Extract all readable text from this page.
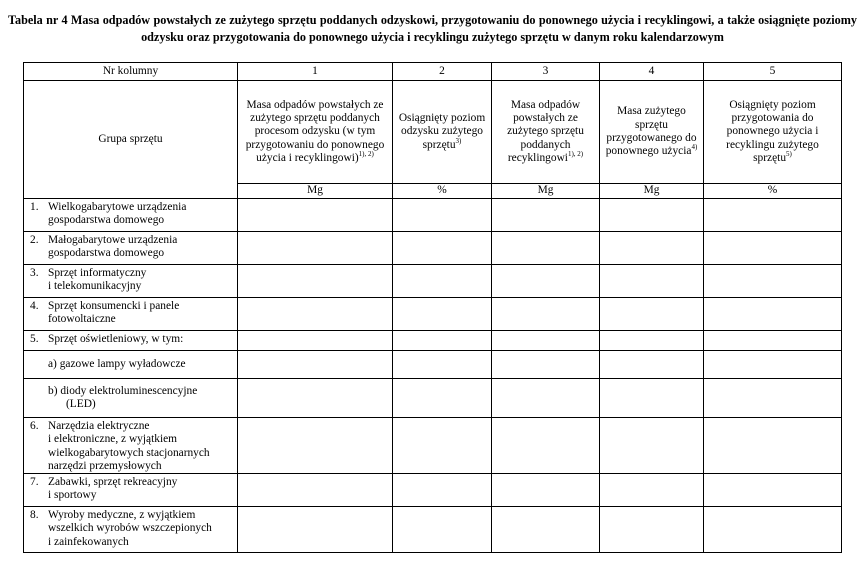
Tabela nr 4 Masa odpadów powstałych ze zużytego sprzętu poddanych odzyskowi, przygotowaniu do ponownego użycia i recyklingowi, a także osiągnięte poziomy odzysku oraz przygotowania do ponownego użycia i recyklingu zużytego sprzętu w danym roku kalendarzowym

Nr kolumny	1	2	3	4	5
Grupa sprzętu	Masa odpadów powstałych ze zużytego sprzętu poddanych procesom odzysku (w tym przygotowaniu do ponownego użycia i recyklingowi)$^{1), 2)}$	Osiągnięty poziom odzysku zużytego sprzętu$^{3)}$	Masa odpadów powstałych ze zużytego sprzętu poddanych recyklingowi$^{1), 2)}$	Masa zużytego sprzętu przygotowanego do ponownego użycia$^{4)}$	Osiągnięty poziom przygotowania do ponownego użycia i recyklingu zużytego sprzętu$^{5)}$

	Mg	%	Mg	Mg	%
1. Wielkogabarytowe urządzenia
gospodarstwa domowego					
2. Małogabarytowe urządzenia
gospodarstwa domowego					
3. Sprzęt informatyczny
i telekomunikacyjny					
4. Sprzęt konsumencki i panele
fotowoltaiczne					
5. Sprzęt oświetleniowy, w tym:					
a) gazowe lampy wyładowcze					
b) diody elektroluminescencyjne
(LED)					
6. Narzędzia elektryczne
i elektroniczne, z wyjątkiem
wielkogabarytowych stacjonarnych
narzędzi przemysłowych					
7. Zabawki, sprzęt rekreacyjny
i sportowy					
8. Wyroby medyczne, z wyjątkiem
wszelkich wyrobów wszczepionych
i zainfekowanych					
